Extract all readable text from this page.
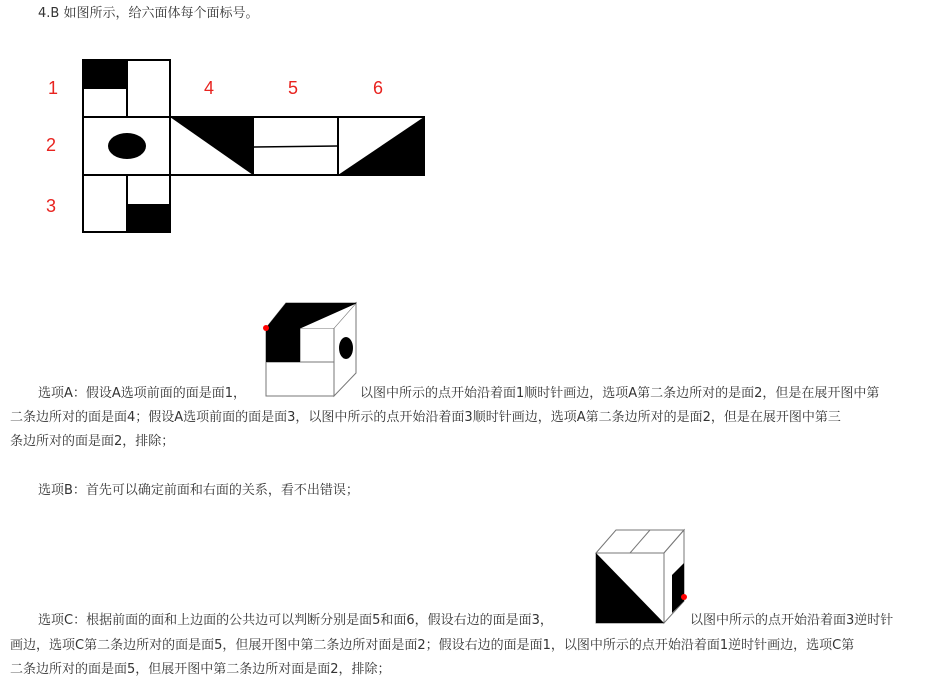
4.B 如图所示，给六面体每个面标号。
1
2
3
4	5	6
选项A：假设A选项前面的面是面1，	以图中所示的点开始沿着面1顺时针画边，选项A第二条边所对的是面2，但是在展开图中第
二条边所对的面是面4；假设A选项前面的面是面3，以图中所示的点开始沿着面3顺时针画边，选项A第二条边所对的是面2，但是在展开图中第三
条边所对的面是面2，排除；
选项B：首先可以确定前面和右面的关系，看不出错误；
选项C：根据前面的面和上边面的公共边可以判断分别是面5和面6，假设右边的面是面3，	以图中所示的点开始沿着面3逆时针
画边，选项C第二条边所对的面是面5，但展开图中第二条边所对面是面2；假设右边的面是面1，以图中所示的点开始沿着面1逆时针画边，选项C第
二条边所对的面是面5，但展开图中第二条边所对面是面2，排除；
